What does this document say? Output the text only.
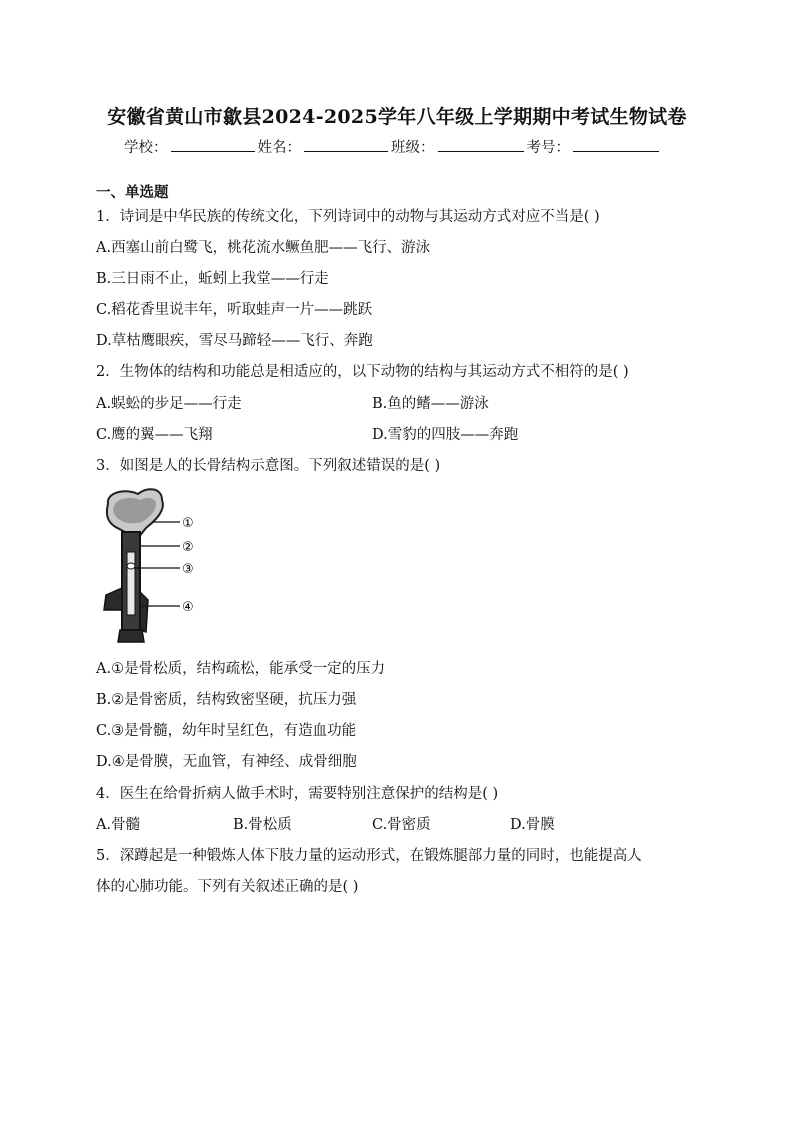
安徽省黄山市歙县2024-2025学年八年级上学期期中考试生物试卷
学校：	姓名：	班级：	考号：
一、单选题
1．诗词是中华民族的传统文化，下列诗词中的动物与其运动方式对应不当是( )
A.西塞山前白鹭飞，桃花流水鳜鱼肥——飞行、游泳
B.三日雨不止，蚯蚓上我堂——行走
C.稻花香里说丰年，听取蛙声一片——跳跃
D.草枯鹰眼疾，雪尽马蹄轻——飞行、奔跑
2．生物体的结构和功能总是相适应的，以下动物的结构与其运动方式不相符的是( )
A.蜈蚣的步足——行走	B.鱼的鳍——游泳
C.鹰的翼——飞翔	D.雪豹的四肢——奔跑
3．如图是人的长骨结构示意图。下列叙述错误的是( )
①
②
③
④
A.①是骨松质，结构疏松，能承受一定的压力
B.②是骨密质，结构致密坚硬，抗压力强
C.③是骨髓，幼年时呈红色，有造血功能
D.④是骨膜，无血管，有神经、成骨细胞
4．医生在给骨折病人做手术时，需要特别注意保护的结构是( )
A.骨髓	B.骨松质	C.骨密质	D.骨膜
5．深蹲起是一种锻炼人体下肢力量的运动形式，在锻炼腿部力量的同时，也能提高人
体的心肺功能。下列有关叙述正确的是( )
